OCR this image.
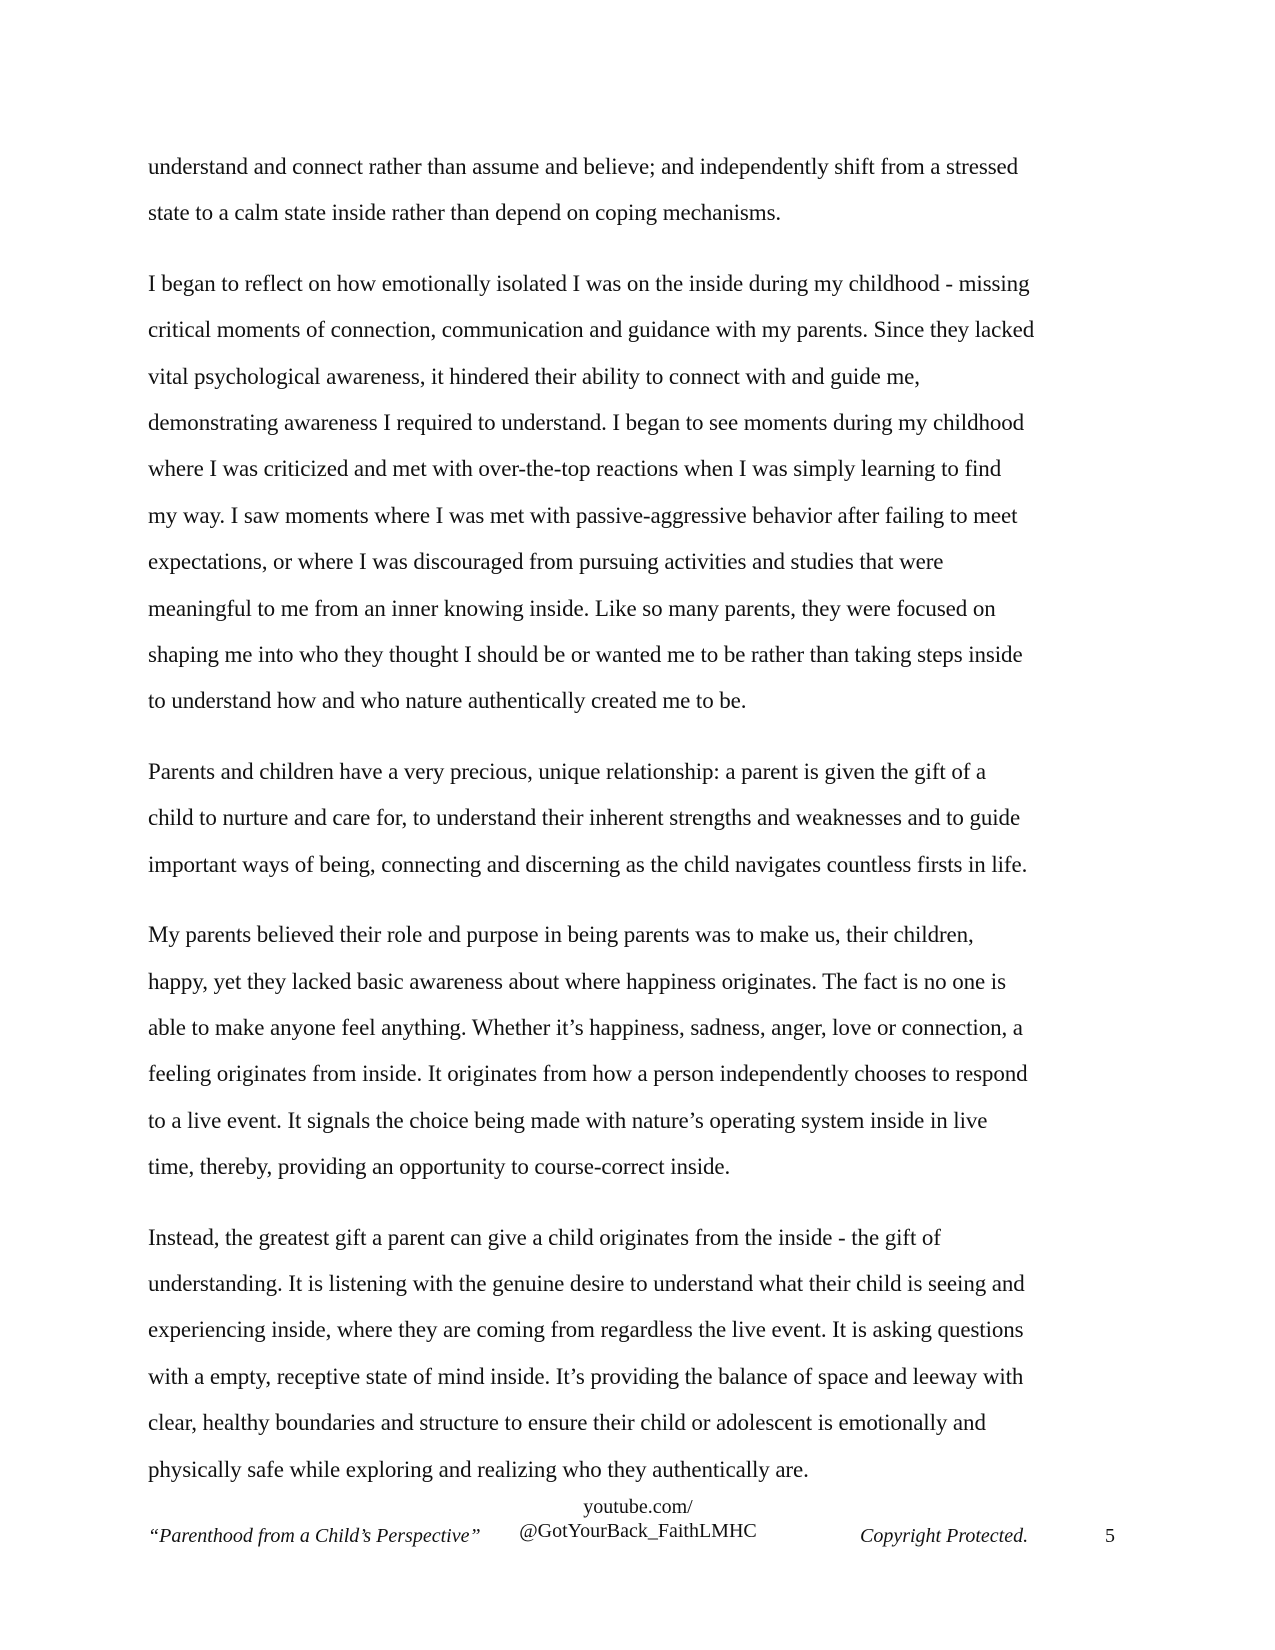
understand and connect rather than assume and believe; and independently shift from a stressed
state to a calm state inside rather than depend on coping mechanisms.

I began to reflect on how emotionally isolated I was on the inside during my childhood - missing
critical moments of connection, communication and guidance with my parents. Since they lacked
vital psychological awareness, it hindered their ability to connect with and guide me,
demonstrating awareness I required to understand. I began to see moments during my childhood
where I was criticized and met with over-the-top reactions when I was simply learning to find
my way. I saw moments where I was met with passive-aggressive behavior after failing to meet
expectations, or where I was discouraged from pursuing activities and studies that were
meaningful to me from an inner knowing inside. Like so many parents, they were focused on
shaping me into who they thought I should be or wanted me to be rather than taking steps inside
to understand how and who nature authentically created me to be.

Parents and children have a very precious, unique relationship: a parent is given the gift of a
child to nurture and care for, to understand their inherent strengths and weaknesses and to guide
important ways of being, connecting and discerning as the child navigates countless firsts in life.

My parents believed their role and purpose in being parents was to make us, their children,
happy, yet they lacked basic awareness about where happiness originates. The fact is no one is
able to make anyone feel anything. Whether it’s happiness, sadness, anger, love or connection, a
feeling originates from inside. It originates from how a person independently chooses to respond
to a live event. It signals the choice being made with nature’s operating system inside in live
time, thereby, providing an opportunity to course-correct inside.

Instead, the greatest gift a parent can give a child originates from the inside - the gift of
understanding. It is listening with the genuine desire to understand what their child is seeing and
experiencing inside, where they are coming from regardless the live event. It is asking questions
with a empty, receptive state of mind inside. It’s providing the balance of space and leeway with
clear, healthy boundaries and structure to ensure their child or adolescent is emotionally and
physically safe while exploring and realizing who they authentically are.

“Parenthood from a Child’s Perspective”
youtube.com/
@GotYourBack_FaithLMHC	Copyright Protected.	5
